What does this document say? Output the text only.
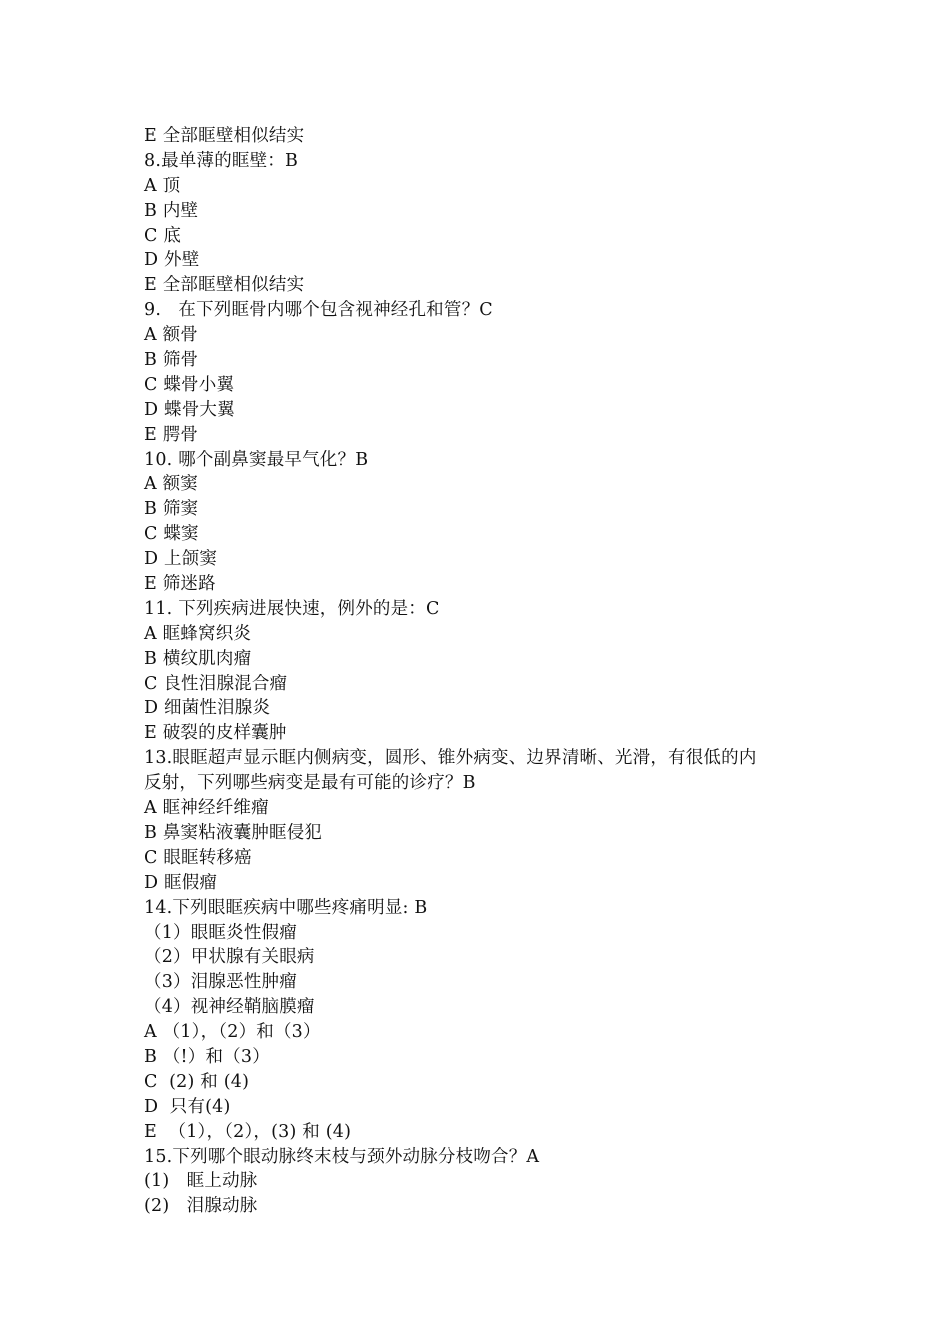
E 全部眶壁相似结实
8.最单薄的眶壁：B
A 顶
B 内壁
C 底
D 外壁
E 全部眶壁相似结实
9.   在下列眶骨内哪个包含视神经孔和管？C
A 额骨
B 筛骨
C 蝶骨小翼
D 蝶骨大翼
E 腭骨
10. 哪个副鼻窦最早气化？B
A 额窦
B 筛窦
C 蝶窦
D 上颌窦
E 筛迷路
11. 下列疾病进展快速，例外的是：C
A 眶蜂窝织炎
B 横纹肌肉瘤
C 良性泪腺混合瘤
D 细菌性泪腺炎
E 破裂的皮样囊肿
13.眼眶超声显示眶内侧病变，圆形、锥外病变、边界清晰、光滑，有很低的内
反射，下列哪些病变是最有可能的诊疗？B
A 眶神经纤维瘤
B 鼻窦粘液囊肿眶侵犯
C 眼眶转移癌
D 眶假瘤
14.下列眼眶疾病中哪些疼痛明显: B
（1）眼眶炎性假瘤
（2）甲状腺有关眼病
（3）泪腺恶性肿瘤
（4）视神经鞘脑膜瘤
A （1），（2）和（3）
B （!）和（3）
C  (2) 和 (4)
D  只有(4)
E  （1），（2），(3) 和 (4)
15.下列哪个眼动脉终末枝与颈外动脉分枝吻合？A
(1)   眶上动脉
(2)   泪腺动脉
